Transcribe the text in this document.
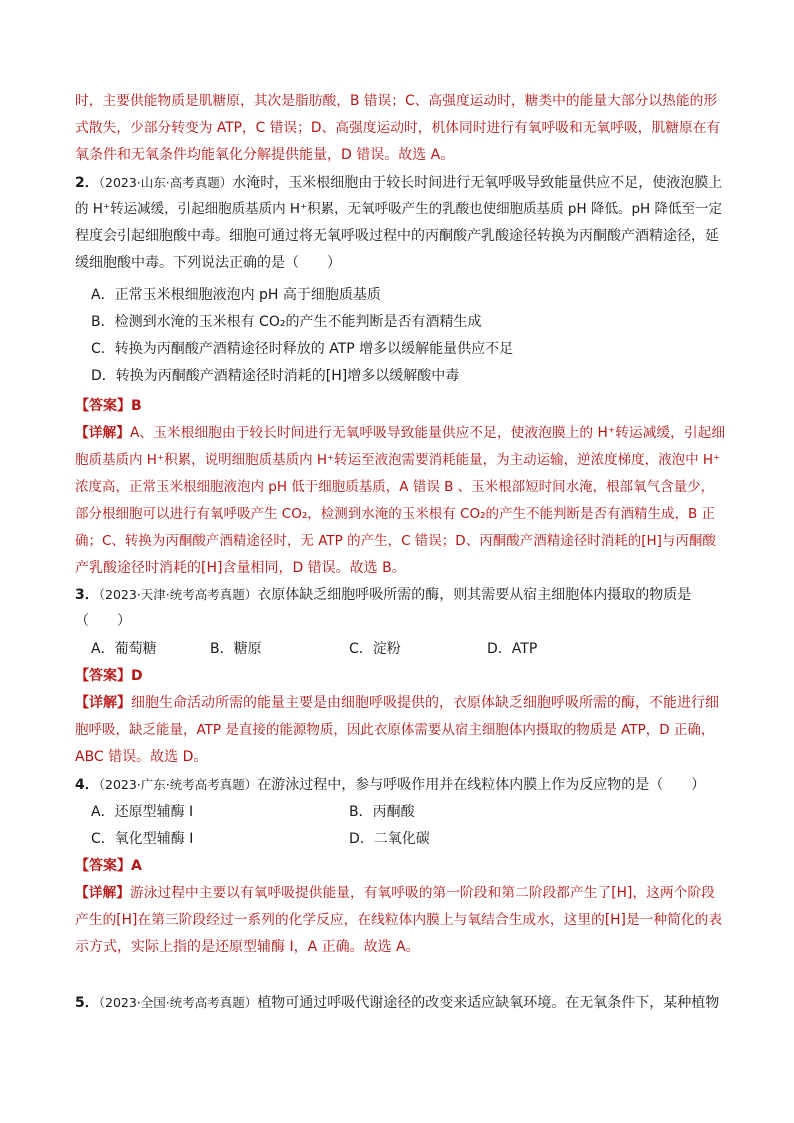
时，主要供能物质是肌糖原，其次是脂肪酸，B 错误；C、高强度运动时，糖类中的能量大部分以热能的形
式散失，少部分转变为 ATP，C 错误；D、高强度运动时，机体同时进行有氧呼吸和无氧呼吸，肌糖原在有
氧条件和无氧条件均能氧化分解提供能量，D 错误。故选 A。
2．（2023·山东·高考真题）水淹时，玉米根细胞由于较长时间进行无氧呼吸导致能量供应不足，使液泡膜上
的 H⁺转运减缓，引起细胞质基质内 H⁺积累，无氧呼吸产生的乳酸也使细胞质基质 pH 降低。pH 降低至一定
程度会引起细胞酸中毒。细胞可通过将无氧呼吸过程中的丙酮酸产乳酸途径转换为丙酮酸产酒精途径，延
缓细胞酸中毒。下列说法正确的是（　　）
A．正常玉米根细胞液泡内 pH 高于细胞质基质
B．检测到水淹的玉米根有 CO₂的产生不能判断是否有酒精生成
C．转换为丙酮酸产酒精途径时释放的 ATP 增多以缓解能量供应不足
D．转换为丙酮酸产酒精途径时消耗的[H]增多以缓解酸中毒
【答案】B
【详解】A、玉米根细胞由于较长时间进行无氧呼吸导致能量供应不足，使液泡膜上的 H⁺转运减缓，引起细
胞质基质内 H⁺积累，说明细胞质基质内 H⁺转运至液泡需要消耗能量，为主动运输，逆浓度梯度，液泡中 H⁺
浓度高，正常玉米根细胞液泡内 pH 低于细胞质基质，A 错误 B 、玉米根部短时间水淹，根部氧气含量少，
部分根细胞可以进行有氧呼吸产生 CO₂，检测到水淹的玉米根有 CO₂的产生不能判断是否有酒精生成，B 正
确；C、转换为丙酮酸产酒精途径时，无 ATP 的产生，C 错误；D、丙酮酸产酒精途径时消耗的[H]与丙酮酸
产乳酸途径时消耗的[H]含量相同，D 错误。故选 B。
3．（2023·天津·统考高考真题）衣原体缺乏细胞呼吸所需的酶，则其需要从宿主细胞体内摄取的物质是
（　　）
A．葡萄糖	B．糖原	C．淀粉	D．ATP
【答案】D
【详解】细胞生命活动所需的能量主要是由细胞呼吸提供的，衣原体缺乏细胞呼吸所需的酶，不能进行细
胞呼吸，缺乏能量，ATP 是直接的能源物质，因此衣原体需要从宿主细胞体内摄取的物质是 ATP，D 正确，
ABC 错误。故选 D。
4．（2023·广东·统考高考真题）在游泳过程中，参与呼吸作用并在线粒体内膜上作为反应物的是（　　）
A．还原型辅酶 I	B．丙酮酸
C．氧化型辅酶 I	D．二氧化碳
【答案】A
【详解】游泳过程中主要以有氧呼吸提供能量，有氧呼吸的第一阶段和第二阶段都产生了[H]，这两个阶段
产生的[H]在第三阶段经过一系列的化学反应，在线粒体内膜上与氧结合生成水，这里的[H]是一种简化的表
示方式，实际上指的是还原型辅酶 I，A 正确。故选 A。
5．（2023·全国·统考高考真题）植物可通过呼吸代谢途径的改变来适应缺氧环境。在无氧条件下，某种植物
